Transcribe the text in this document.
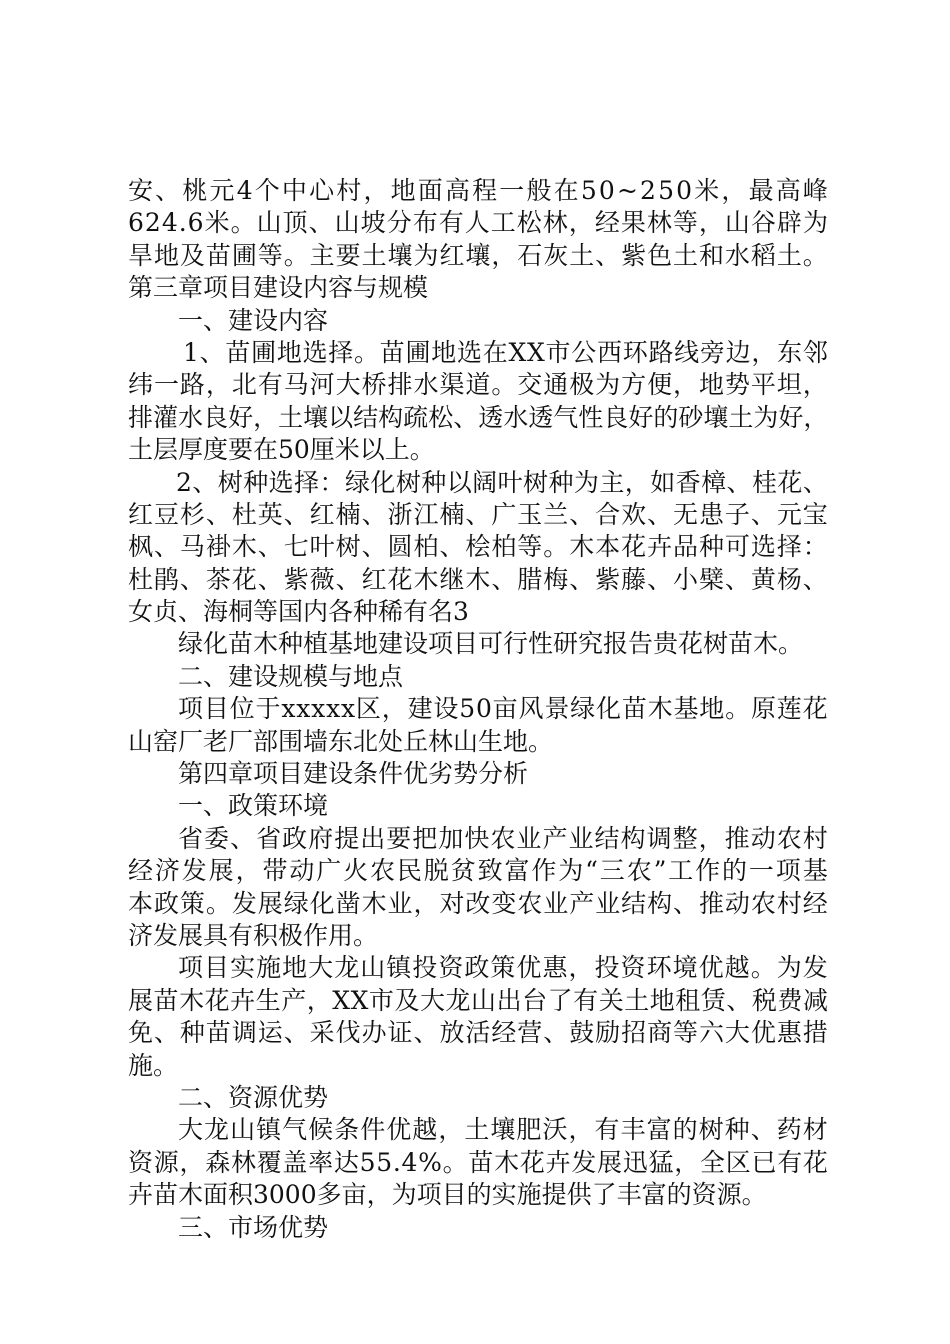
安 、 桃 元 4 个 中 心 村 ， 地 面 高 程 一 般 在 5 0 ~ 2 5 0 米 ， 最 高 峰
6 2 4 . 6 米 。 山 顶 、 山 坡 分 布 有 人 工 松 林 ， 经 果 林 等 ， 山 谷 辟 为
旱 地 及 苗 圃 等 。 主 要 土 壤 为 红 壤 ， 石 灰 土 、 紫 色 土 和 水 稻 土 。
第三章项目建设内容与规模
一、建设内容
1 、 苗 圃 地 选 择 。 苗 圃 地 选 在 X X 市 公 西 环 路 线 旁 边 ， 东 邻
纬 一 路 ， 北 有 马 河 大 桥 排 水 渠 道 。 交 通 极 为 方 便 ， 地 势 平 坦 ，
排 灌 水 良 好 ， 土 壤 以 结 构 疏 松 、 透 水 透 气 性 良 好 的 砂 壤 土 为 好 ，
土层厚度要在50厘米以上。
2 、 树 种 选 择 ： 绿 化 树 种 以 阔 叶 树 种 为 主 ， 如 香 樟 、 桂 花 、
红 豆 杉 、 杜 英 、 红 楠 、 浙 江 楠 、 广 玉 兰 、 合 欢 、 无 患 子 、 元 宝
枫 、 马 褂 木 、 七 叶 树 、 圆 柏 、 桧 柏 等 。 木 本 花 卉 品 种 可 选 择 ：
杜 鹃 、 茶 花 、 紫 薇 、 红 花 木 继 木 、 腊 梅 、 紫 藤 、 小 檗 、 黄 杨 、
女贞、海桐等国内各种稀有名3
绿化苗木种植基地建设项目可行性研究报告贵花树苗木。
二、建设规模与地点
项 目 位 于 x x x x x 区 ， 建 设 5 0 亩 风 景 绿 化 苗 木 基 地 。 原 莲 花
山窑厂老厂部围墙东北处丘林山生地。
第四章项目建设条件优劣势分析
一、政策环境
省 委 、 省 政 府 提 出 要 把 加 快 农 业 产 业 结 构 调 整 ， 推 动 农 村
经 济 发 展 ， 带 动 广 火 农 民 脱 贫 致 富 作 为 “ 三 农 ” 工 作 的 一 项 基
本 政 策 。 发 展 绿 化 凿 木 业 ， 对 改 变 农 业 产 业 结 构 、 推 动 农 村 经
济发展具有积极作用。
项 目 实 施 地 大 龙 山 镇 投 资 政 策 优 惠 ， 投 资 环 境 优 越 。 为 发
展 苗 木 花 卉 生 产 ， X X 市 及 大 龙 山 出 台 了 有 关 土 地 租 赁 、 税 费 减
免 、 种 苗 调 运 、 采 伐 办 证 、 放 活 经 营 、 鼓 励 招 商 等 六 大 优 惠 措
施。
二、资源优势
大 龙 山 镇 气 候 条 件 优 越 ， 土 壤 肥 沃 ， 有 丰 富 的 树 种 、 药 材
资 源 ， 森 林 覆 盖 率 达 5 5 . 4 % 。 苗 木 花 卉 发 展 迅 猛 ， 全 区 已 有 花
卉苗木面积3000多亩，为项目的实施提供了丰富的资源。
三、市场优势
